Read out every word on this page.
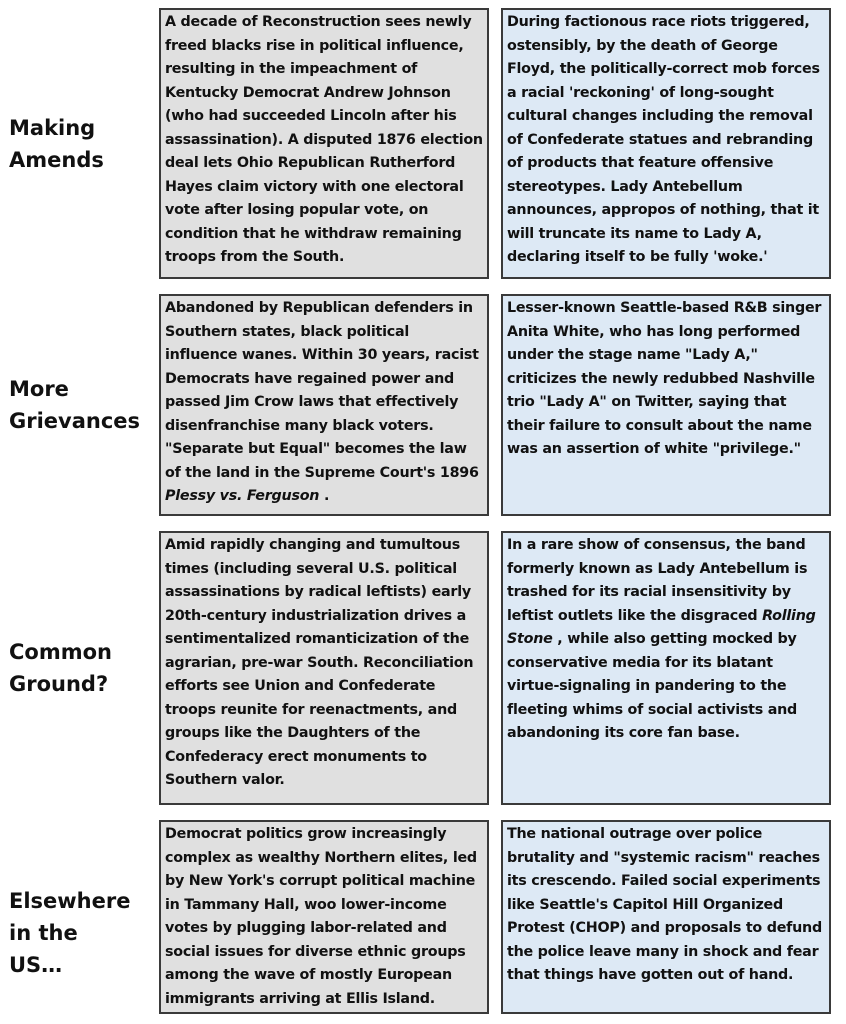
Making Amends
A decade of Reconstruction sees newly freed blacks rise in political influence, resulting in the impeachment of Kentucky Democrat Andrew Johnson (who had succeeded Lincoln after his assassination). A disputed 1876 election deal lets Ohio Republican Rutherford Hayes claim victory with one electoral vote after losing popular vote, on condition that he withdraw remaining troops from the South.
During factionous race riots triggered, ostensibly, by the death of George Floyd, the politically-correct mob forces a racial 'reckoning' of long-sought cultural changes including the removal of Confederate statues and rebranding of products that feature offensive stereotypes. Lady Antebellum announces, appropos of nothing, that it will truncate its name to Lady A, declaring itself to be fully 'woke.'
More Grievances
Abandoned by Republican defenders in Southern states, black political influence wanes. Within 30 years, racist Democrats have regained power and passed Jim Crow laws that effectively disenfranchise many black voters. "Separate but Equal" becomes the law of the land in the Supreme Court's 1896 Plessy vs. Ferguson .
Lesser-known Seattle-based R&B singer Anita White, who has long performed under the stage name "Lady A," criticizes the newly redubbed Nashville trio "Lady A" on Twitter, saying that their failure to consult about the name was an assertion of white "privilege."
Common Ground?
Amid rapidly changing and tumultous times (including several U.S. political assassinations by radical leftists) early 20th-century industrialization drives a sentimentalized romanticization of the agrarian, pre-war South. Reconciliation efforts see Union and Confederate troops reunite for reenactments, and groups like the Daughters of the Confederacy erect monuments to Southern valor.
In a rare show of consensus, the band formerly known as Lady Antebellum is trashed for its racial insensitivity by leftist outlets like the disgraced Rolling Stone , while also getting mocked by conservative media for its blatant virtue-signaling in pandering to the fleeting whims of social activists and abandoning its core fan base.
Elsewhere in the US…
Democrat politics grow increasingly complex as wealthy Northern elites, led by New York's corrupt political machine in Tammany Hall, woo lower-income votes by plugging labor-related and social issues for diverse ethnic groups among the wave of mostly European immigrants arriving at Ellis Island.
The national outrage over police brutality and "systemic racism" reaches its crescendo. Failed social experiments like Seattle's Capitol Hill Organized Protest (CHOP) and proposals to defund the police leave many in shock and fear that things have gotten out of hand.
